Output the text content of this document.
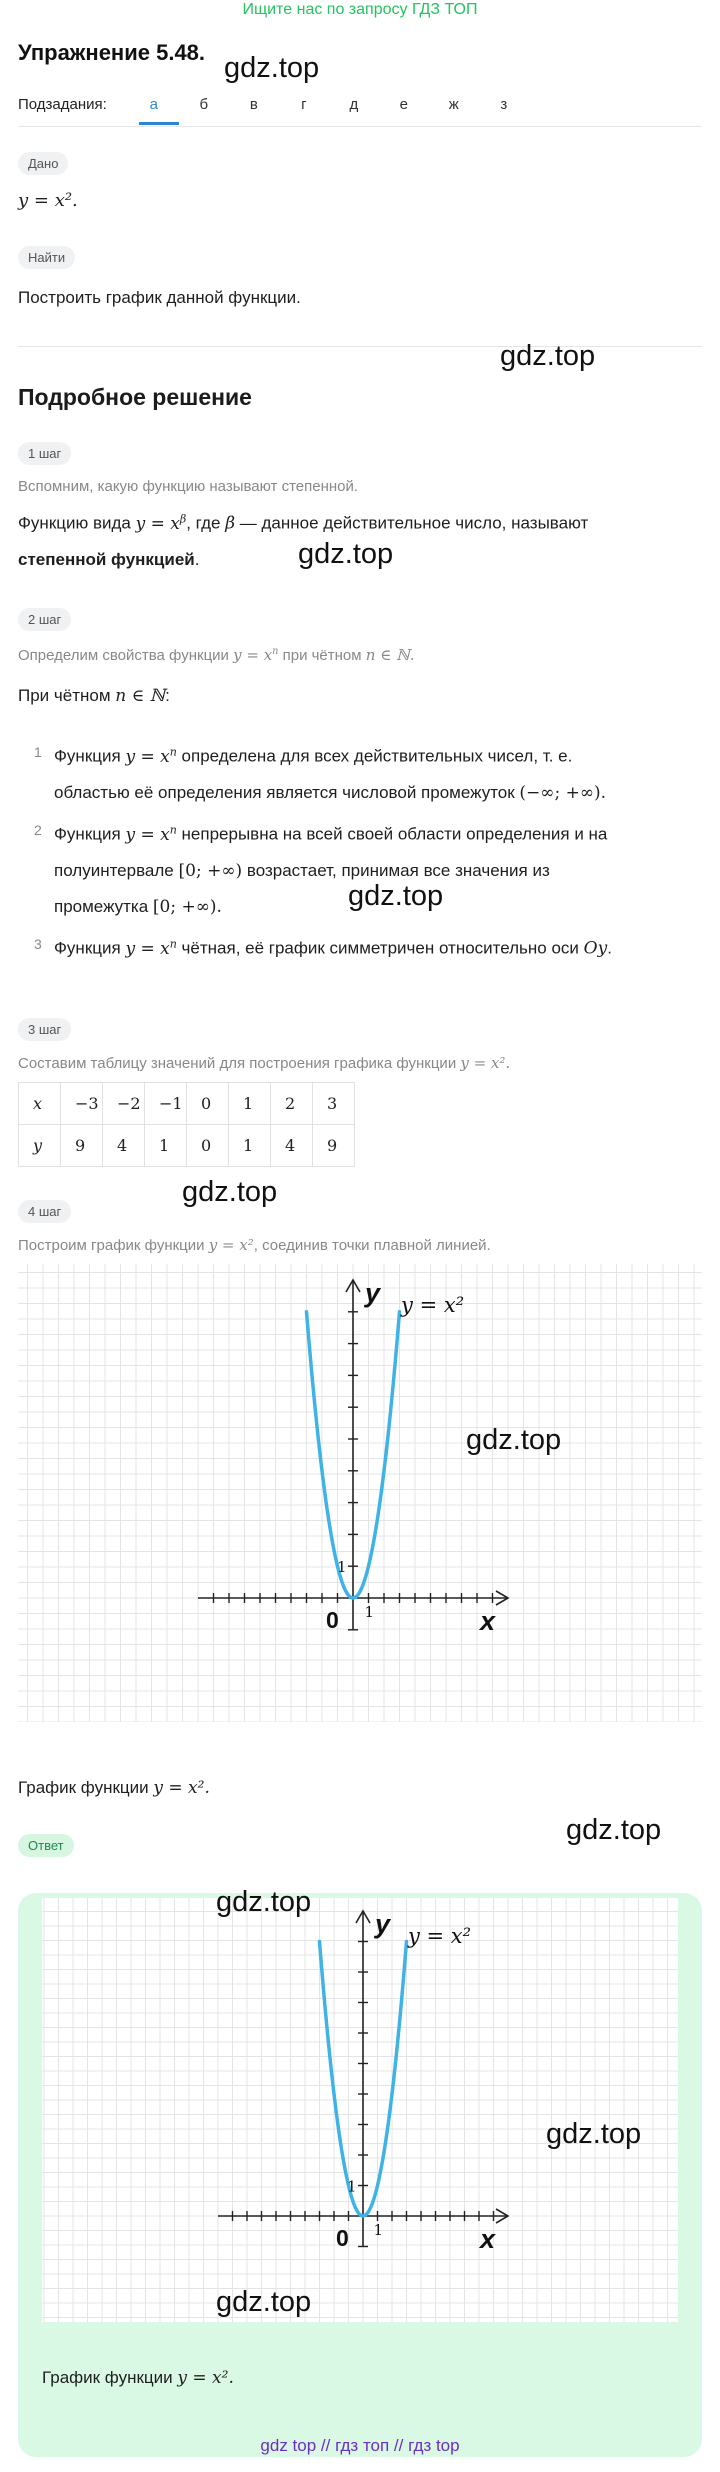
Ищите нас по запросу ГДЗ ТОП
Упражнение 5.48. gdz.top
Подзадания:	а	б	в	г	д	е	ж	з
Дано
y = x².
Найти
Построить график данной функции.
gdz.top
Подробное решение
1 шаг
Вспомним, какую функцию называют степенной.
Функцию вида $y = x^\beta$, где β — данное действительное число, называют
степенной функцией.	gdz.top
2 шаг
Определим свойства функции $y = x^n$ при чётном n ∈ ℕ.
При чётном n ∈ ℕ:
1 Функция $y = x^n$ определена для всех действительных чисел, т. е.
областью её определения является числовой промежуток (−∞; +∞).
2 Функция $y = x^n$ непрерывна на всей своей области определения и на
полуинтервале [0; +∞) возрастает, принимая все значения из
промежутка [0; +∞).	gdz.top
3 Функция $y = x^n$ чётная, её график симметричен относительно оси Oy.
3 шаг
Составим таблицу значений для построения графика функции y = x².
x	−3	−2	−1	0	1	2	3
y	9	4	1	0	1	4	9
gdz.top
4 шаг
Построим график функции y = x², соединив точки плавной линией.
y
x
0 1
1
y = x²
gdz.top
График функции y = x².
gdz.top
Ответ
y
x
0 1
1
y = x²
gdz.top
gdz.top
gdz.top
График функции y = x².
gdz top // гдз топ // гдз top
